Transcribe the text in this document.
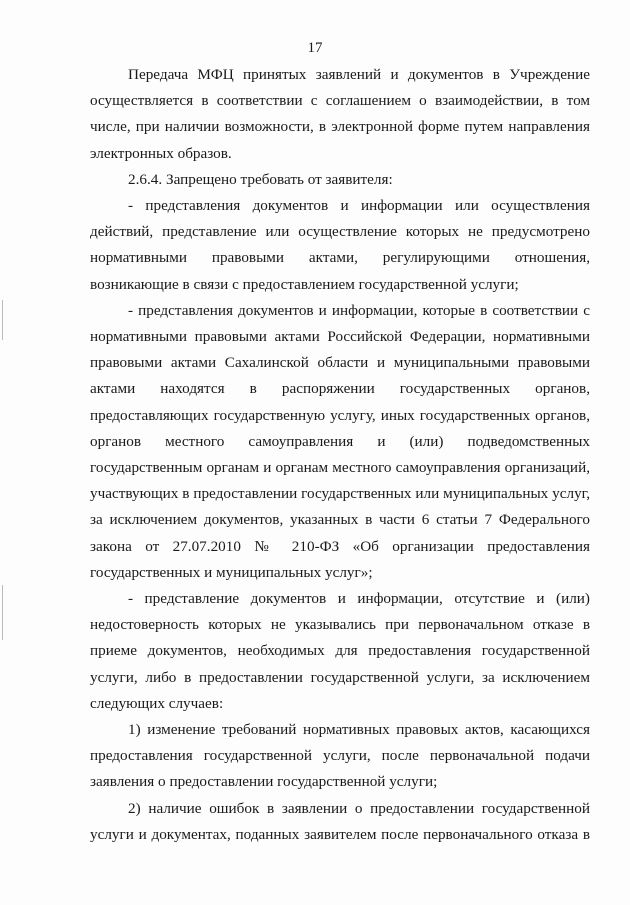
17

Передача МФЦ принятых заявлений и документов в Учреждение осуществляется в соответствии с соглашением о взаимодействии, в том числе, при наличии возможности, в электронной форме путем направления электронных образов.

2.6.4. Запрещено требовать от заявителя:

- представления документов и информации или осуществления действий, представление или осуществление которых не предусмотрено нормативными правовыми актами, регулирующими отношения, возникающие в связи с предоставлением государственной услуги;

- представления документов и информации, которые в соответствии с нормативными правовыми актами Российской Федерации, нормативными правовыми актами Сахалинской области и муниципальными правовыми актами находятся в распоряжении государственных органов, предоставляющих государственную услугу, иных государственных органов, органов местного самоуправления и (или) подведомственных государственным органам и органам местного самоуправления организаций, участвующих в предоставлении государственных или муниципальных услуг, за исключением документов, указанных в части 6 статьи 7 Федерального закона от 27.07.2010 № 210-ФЗ «Об организации предоставления государственных и муниципальных услуг»;

- представление документов и информации, отсутствие и (или) недостоверность которых не указывались при первоначальном отказе в приеме документов, необходимых для предоставления государственной услуги, либо в предоставлении государственной услуги, за исключением следующих случаев:

1) изменение требований нормативных правовых актов, касающихся предоставления государственной услуги, после первоначальной подачи заявления о предоставлении государственной услуги;

2) наличие ошибок в заявлении о предоставлении государственной услуги и документах, поданных заявителем после первоначального отказа в
